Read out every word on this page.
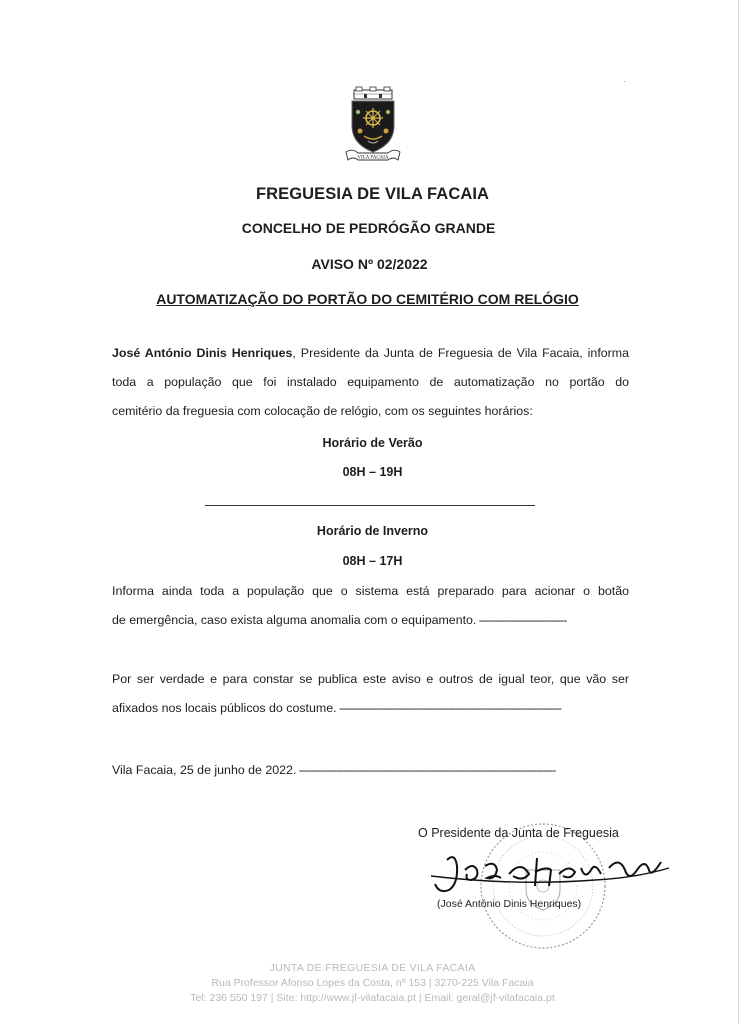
·
VILA FACAIA
FREGUESIA DE VILA FACAIA
CONCELHO DE PEDRÓGÃO GRANDE
AVISO Nº 02/2022
AUTOMATIZAÇÃO DO PORTÃO DO CEMITÉRIO COM RELÓGIO
José António Dinis Henriques, Presidente da Junta de Freguesia de Vila Facaia, informa
toda a população que foi instalado equipamento de automatização no portão do
cemitério da freguesia com colocação de relógio, com os seguintes horários:
Horário de Verão
08H – 19H
Horário de Inverno
08H – 17H
Informa ainda toda a população que o sistema está preparado para acionar o botão
de emergência, caso exista alguma anomalia com o equipamento. ----------------------------
Por ser verdade e para constar se publica este aviso e outros de igual teor, que vão ser
afixados nos locais públicos do costume. -----------------------------------------------------------------------
Vila Facaia, 25 de junho de 2022. ----------------------------------------------------------------------------------
O Presidente da Junta de Freguesia
(José António Dinis Henriques)
JUNTA DE FREGUESIA DE VILA FACAIA
Rua Professor Afonso Lopes da Costa, nº 153 | 3270-225 Vila Facaia
Tel: 236 550 197 | Site: http://www.jf-vilafacaia.pt | Email: geral@jf-vilafacaia.pt
